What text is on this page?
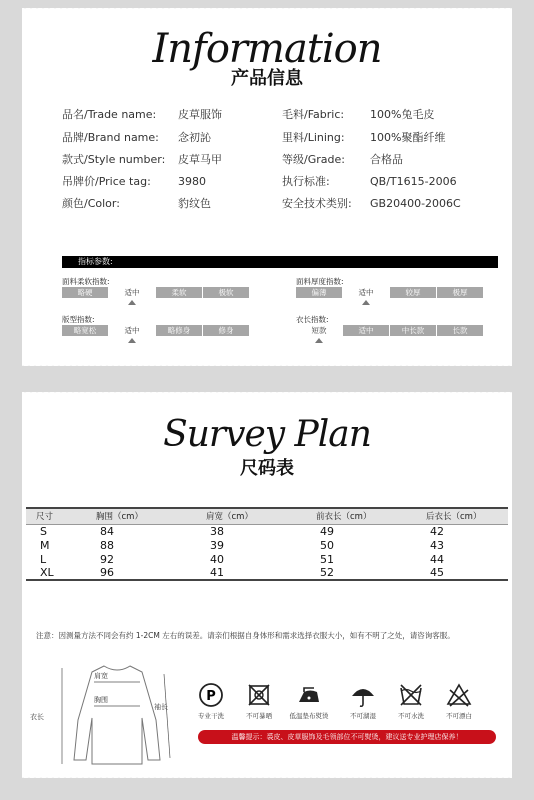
Information
产品信息
品名/Trade name: 皮草服饰
品牌/Brand name: 念初訫
款式/Style number: 皮草马甲
吊牌价/Price tag: 3980
颜色/Color:	豹纹色
毛料/Fabric: 100%兔毛皮
里料/Lining: 100%聚酯纤维
等级/Grade: 合格品
执行标准:	QB/T1615-2006
安全技术类别: GB20400-2006C
指标参数:
面料柔软指数:
略硬	适中	柔软	极软
面料厚度指数:
偏薄	适中	较厚	极厚
版型指数:
略宽松	适中	略修身	修身
衣长指数:
短款	适中	中长款	长款
Survey Plan
尺码表
尺寸	胸围（cm）	肩宽（cm）	前衣长（cm）	后衣长（cm）
S	84	38	49	42
M	88	39	50	43
L	92	40	51	44
XL	96	41	52	45
注意：因测量方法不同会有约 1-2CM 左右的误差。请亲们根据自身体形和需求选择衣服大小，如有不明了之处，请咨询客服。
肩宽
胸围
衣长
袖长
P
专业干洗	不可暴晒	低温垫布熨烫	不可湖湿	不可水洗	不可漂白
温馨提示：裘皮、皮草服饰及毛领部位不可熨烫，建议送专业护理店保养！
